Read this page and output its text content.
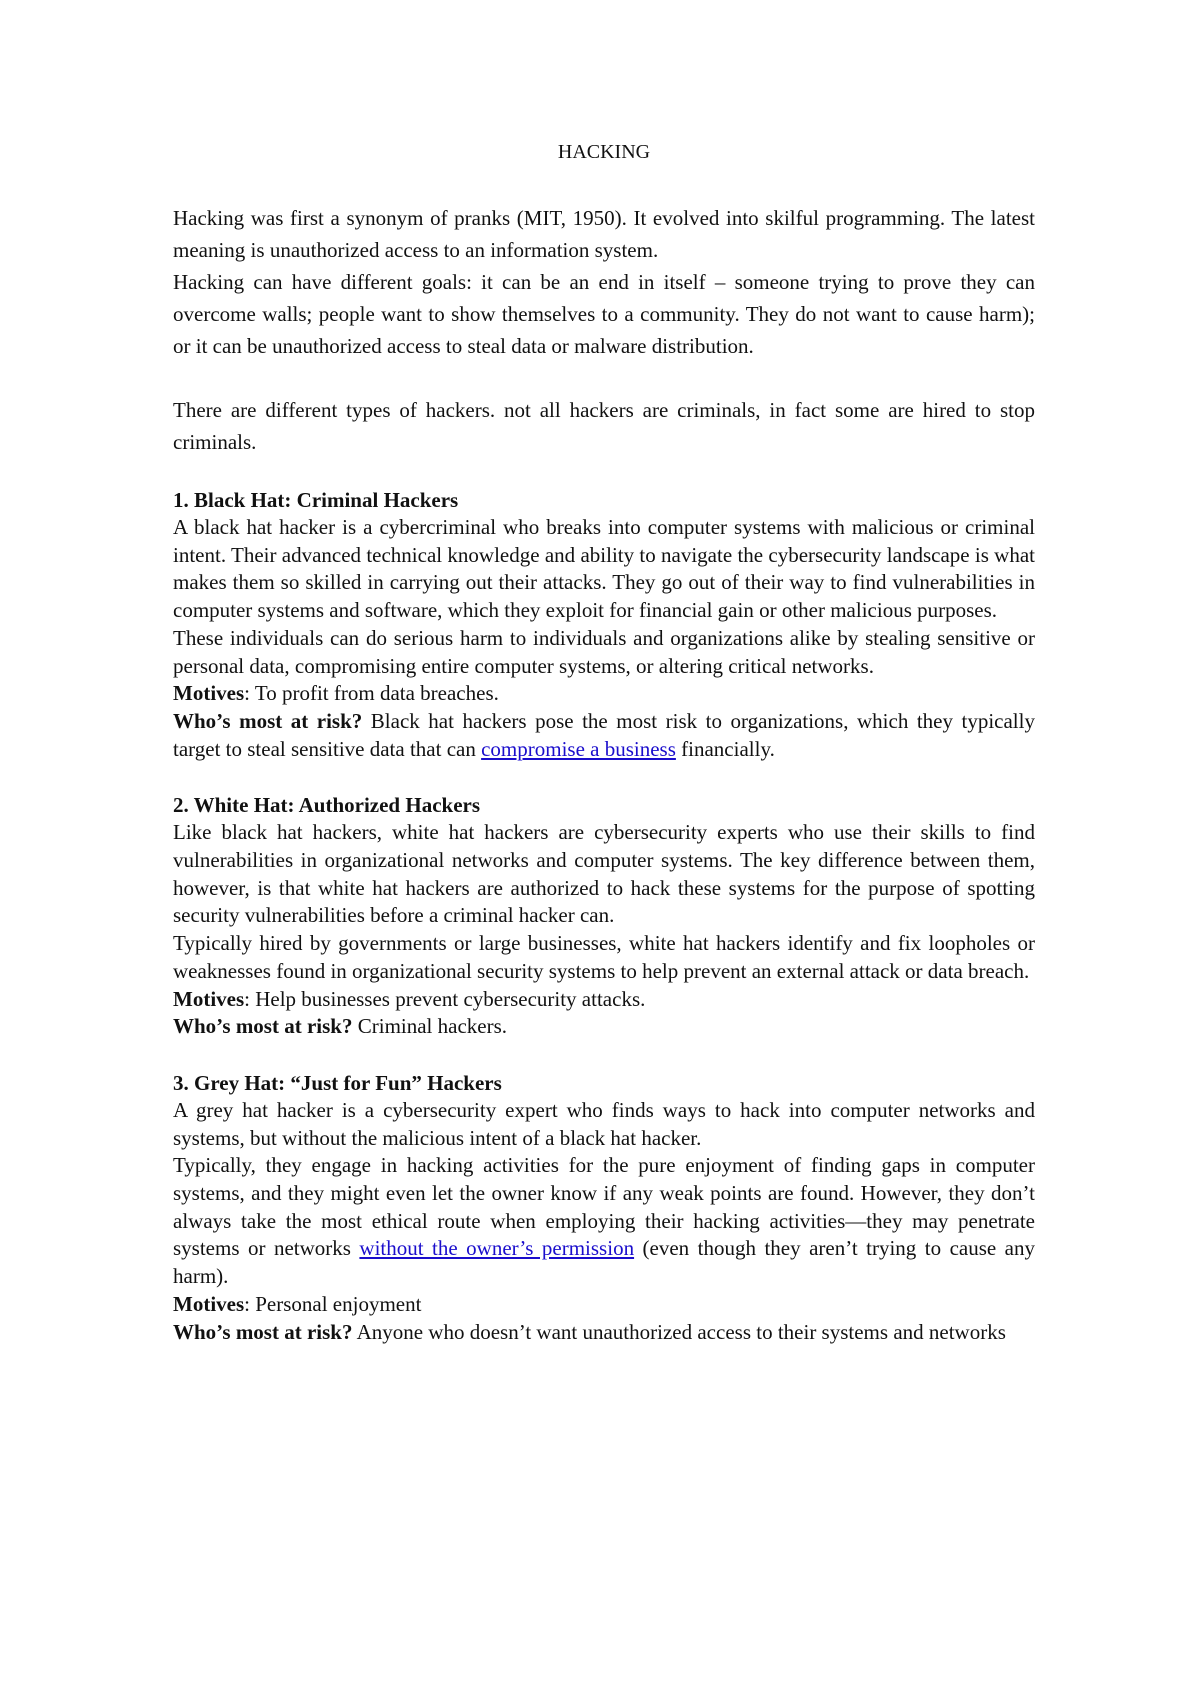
HACKING

Hacking was first a synonym of pranks (MIT, 1950). It evolved into skilful programming. The latest meaning is unauthorized access to an information system.

Hacking can have different goals: it can be an end in itself – someone trying to prove they can overcome walls; people want to show themselves to a community. They do not want to cause harm); or it can be unauthorized access to steal data or malware distribution.

There are different types of hackers. not all hackers are criminals, in fact some are hired to stop criminals.

1. Black Hat: Criminal Hackers

A black hat hacker is a cybercriminal who breaks into computer systems with malicious or criminal intent. Their advanced technical knowledge and ability to navigate the cybersecurity landscape is what makes them so skilled in carrying out their attacks. They go out of their way to find vulnerabilities in computer systems and software, which they exploit for financial gain or other malicious purposes.

These individuals can do serious harm to individuals and organizations alike by stealing sensitive or personal data, compromising entire computer systems, or altering critical networks.

Motives: To profit from data breaches.

Who’s most at risk? Black hat hackers pose the most risk to organizations, which they typically target to steal sensitive data that can compromise a business financially.

2. White Hat: Authorized Hackers

Like black hat hackers, white hat hackers are cybersecurity experts who use their skills to find vulnerabilities in organizational networks and computer systems. The key difference between them, however, is that white hat hackers are authorized to hack these systems for the purpose of spotting security vulnerabilities before a criminal hacker can.

Typically hired by governments or large businesses, white hat hackers identify and fix loopholes or weaknesses found in organizational security systems to help prevent an external attack or data breach.

Motives: Help businesses prevent cybersecurity attacks.

Who’s most at risk? Criminal hackers.

3. Grey Hat: “Just for Fun” Hackers

A grey hat hacker is a cybersecurity expert who finds ways to hack into computer networks and systems, but without the malicious intent of a black hat hacker.

Typically, they engage in hacking activities for the pure enjoyment of finding gaps in computer systems, and they might even let the owner know if any weak points are found. However, they don’t always take the most ethical route when employing their hacking activities—they may penetrate systems or networks without the owner’s permission (even though they aren’t trying to cause any harm).

Motives: Personal enjoyment

Who’s most at risk? Anyone who doesn’t want unauthorized access to their systems and networks
